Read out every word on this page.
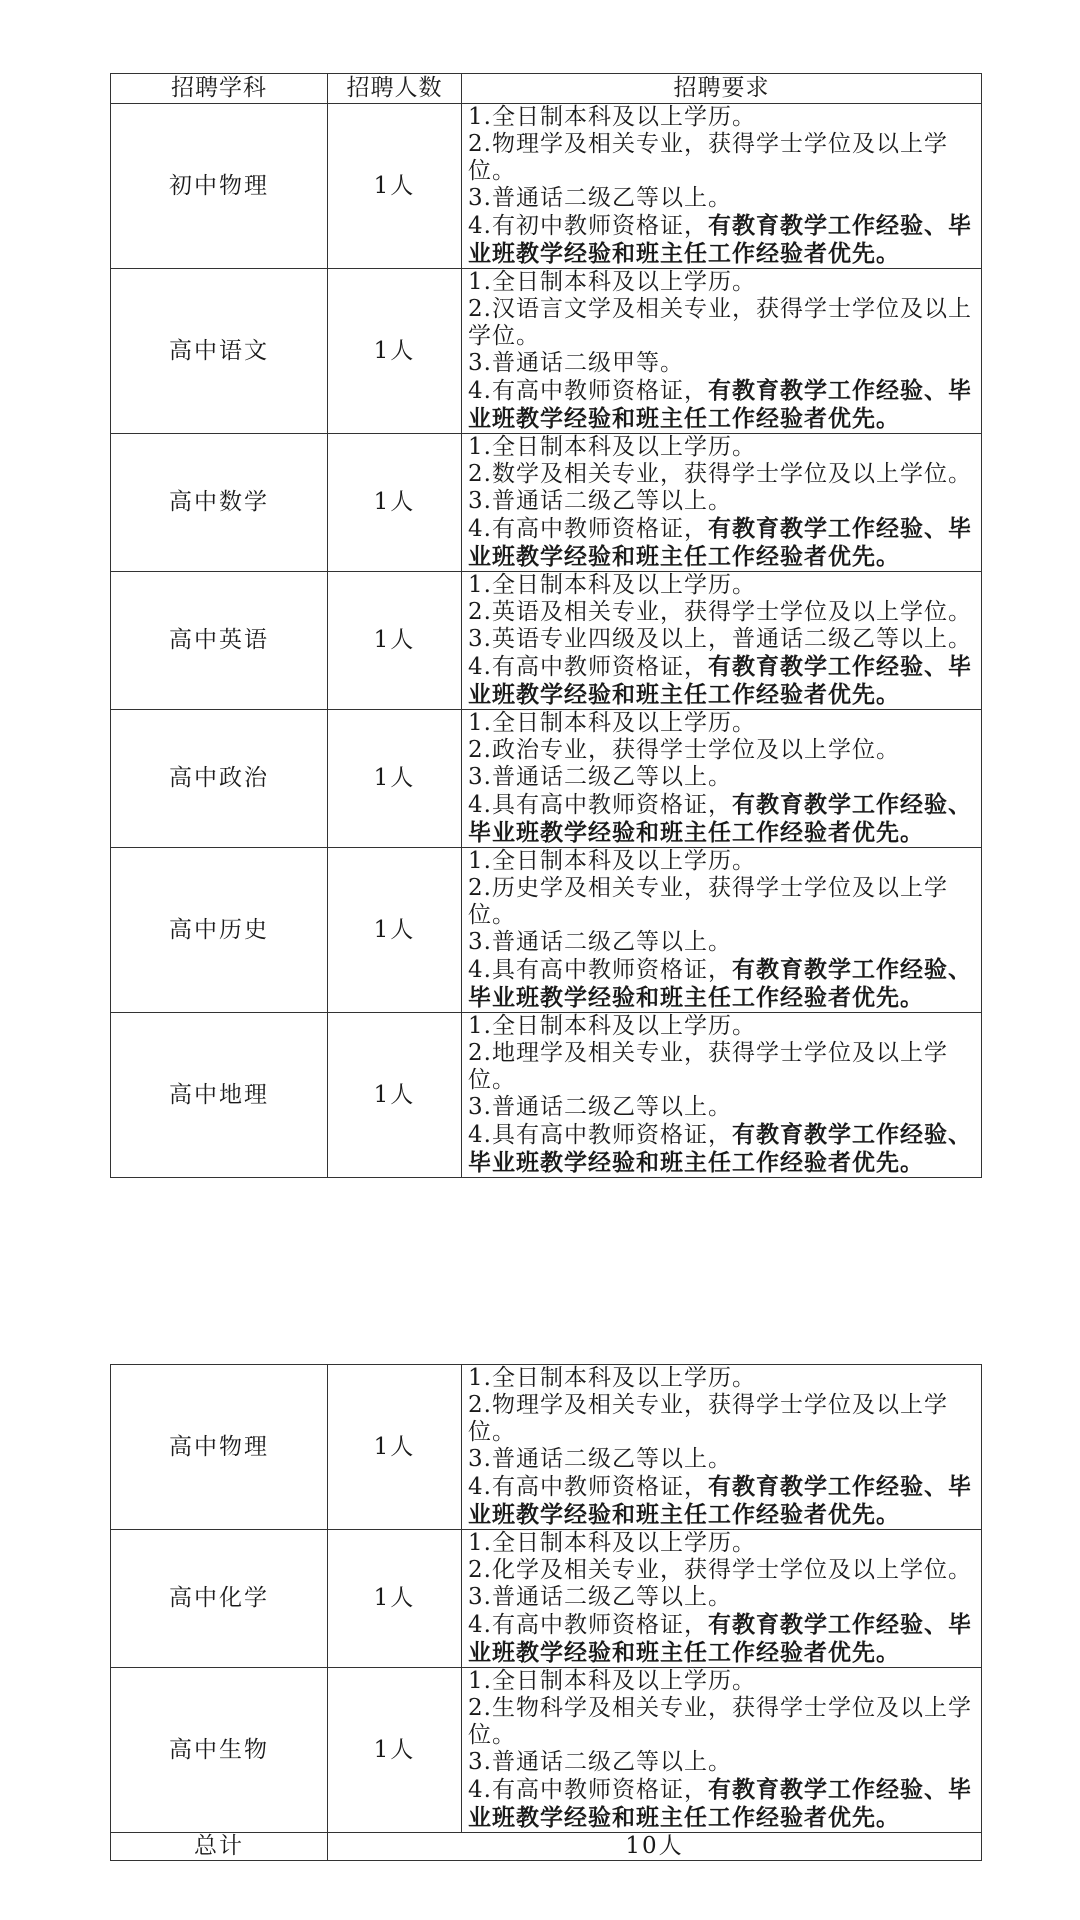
招聘学科	招聘人数	招聘要求
初中物理	1人	1.全日制本科及以上学历。
2.物理学及相关专业，获得学士学位及以上学位。
3.普通话二级乙等以上。
4.有初中教师资格证，有教育教学工作经验、毕业班教学经验和班主任工作经验者优先。

高中语文	1人	1.全日制本科及以上学历。
2.汉语言文学及相关专业，获得学士学位及以上学位。
3.普通话二级甲等。
4.有高中教师资格证，有教育教学工作经验、毕业班教学经验和班主任工作经验者优先。

高中数学	1人	1.全日制本科及以上学历。
2.数学及相关专业，获得学士学位及以上学位。
3.普通话二级乙等以上。
4.有高中教师资格证，有教育教学工作经验、毕业班教学经验和班主任工作经验者优先。

高中英语	1人	1.全日制本科及以上学历。
2.英语及相关专业，获得学士学位及以上学位。
3.英语专业四级及以上，普通话二级乙等以上。
4.有高中教师资格证，有教育教学工作经验、毕业班教学经验和班主任工作经验者优先。

高中政治	1人	1.全日制本科及以上学历。
2.政治专业，获得学士学位及以上学位。
3.普通话二级乙等以上。
4.具有高中教师资格证，有教育教学工作经验、毕业班教学经验和班主任工作经验者优先。

高中历史	1人	1.全日制本科及以上学历。
2.历史学及相关专业，获得学士学位及以上学位。
3.普通话二级乙等以上。
4.具有高中教师资格证，有教育教学工作经验、毕业班教学经验和班主任工作经验者优先。

高中地理	1人	1.全日制本科及以上学历。
2.地理学及相关专业，获得学士学位及以上学位。
3.普通话二级乙等以上。
4.具有高中教师资格证，有教育教学工作经验、毕业班教学经验和班主任工作经验者优先。
高中物理	1人	1.全日制本科及以上学历。
2.物理学及相关专业，获得学士学位及以上学位。
3.普通话二级乙等以上。
4.有高中教师资格证，有教育教学工作经验、毕业班教学经验和班主任工作经验者优先。

高中化学	1人	1.全日制本科及以上学历。
2.化学及相关专业，获得学士学位及以上学位。3.普通话二级乙等以上。
4.有高中教师资格证，有教育教学工作经验、毕业班教学经验和班主任工作经验者优先。

高中生物	1人	1.全日制本科及以上学历。
2.生物科学及相关专业，获得学士学位及以上学位。
3.普通话二级乙等以上。
4.有高中教师资格证，有教育教学工作经验、毕业班教学经验和班主任工作经验者优先。

总计	10人	
